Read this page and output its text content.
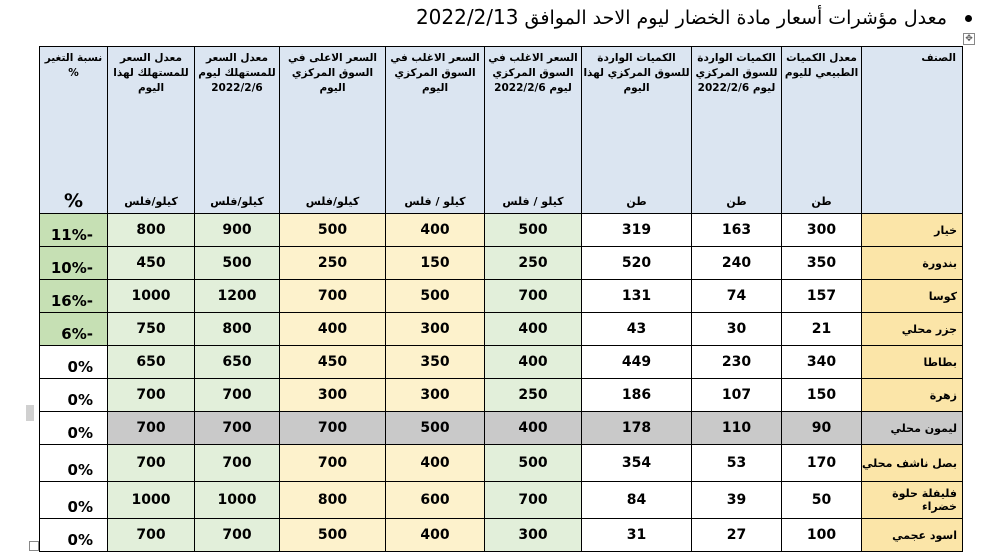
معدل مؤشرات أسعار مادة الخضار ليوم الاحد الموافق 2022/2/13
✥
الصنف	معدل الكميات الطبيعي لليوم	الكميات الواردة للسوق المركزي ليوم 2022/2/6	الكميات الواردة للسوق المركزي لهذا اليوم	السعر الاغلب في السوق المركزي ليوم 2022/2/6	السعر الاغلب في السوق المركزي اليوم	السعر الاعلى في السوق المركزي اليوم	معدل السعر للمستهلك ليوم 2022/2/6	معدل السعر للمستهلك لهذا اليوم	نسبة التغير %
	طن	طن	طن	كيلو / فلس	كيلو / فلس	كيلو/فلس	كيلو/فلس	كيلو/فلس	%
خيار	300	163	319	500	400	500	900	800	-11%
بندورة	350	240	520	250	150	250	500	450	-10%
كوسا	157	74	131	700	500	700	1200	1000	-16%
جزر محلي	21	30	43	400	300	400	800	750	-6%
بطاطا	340	230	449	400	350	450	650	650	0%
زهرة	150	107	186	250	300	300	700	700	0%
ليمون محلي	90	110	178	400	500	700	700	700	0%
بصل ناشف محلي	170	53	354	500	400	700	700	700	0%
فليفلة حلوة خضراء	50	39	84	700	600	800	1000	1000	0%
اسود عجمي	100	27	31	300	400	500	700	700	0%
